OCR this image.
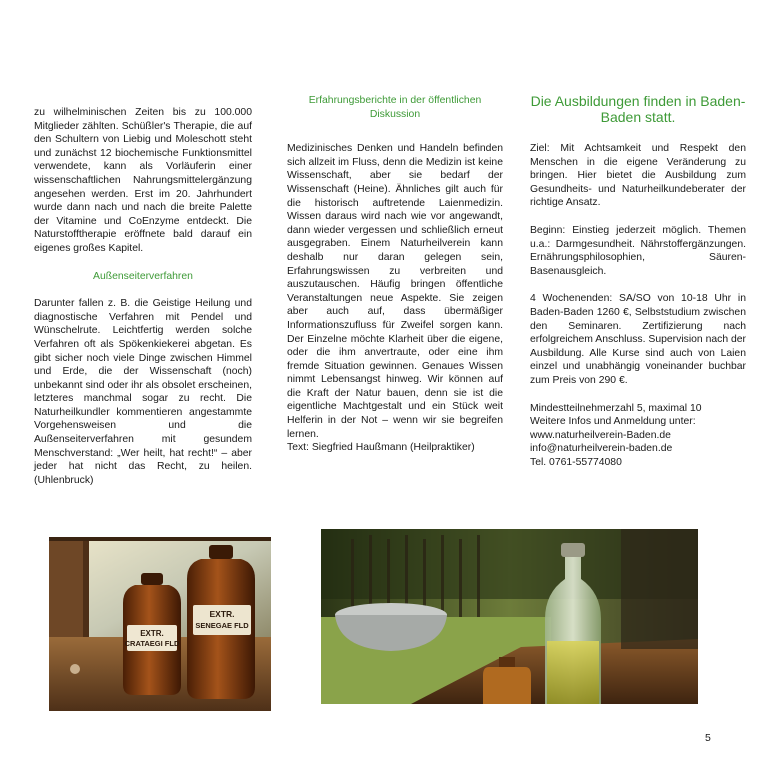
zu wilhelminischen Zeiten bis zu 100.000 Mitglieder zählten. Schüßler's Therapie, die auf den Schultern von Liebig und Moleschott steht und zunächst 12 biochemische Funktionsmittel verwendete, kann als Vorläuferin einer wissenschaftlichen Nahrungsmittelergänzung angesehen werden. Erst im 20. Jahrhundert wurde dann nach und nach die breite Palette der Vitamine und CoEnzyme entdeckt. Die Naturstofftherapie eröffnete bald darauf ein eigenes großes Kapitel.

Außenseiterverfahren

Darunter fallen z. B. die Geistige Heilung und diagnostische Verfahren mit Pendel und Wünschelrute. Leichtfertig werden solche Verfahren oft als Spökenkiekerei abgetan. Es gibt sicher noch viele Dinge zwischen Himmel und Erde, die der Wissenschaft (noch) unbekannt sind oder ihr als obsolet erscheinen, letzteres manchmal sogar zu recht. Die Naturheilkundler kommentieren angestammte Vorgehensweisen und die Außenseiterverfahren mit gesundem Menschverstand: „Wer heilt, hat recht!“ – aber jeder hat nicht das Recht, zu heilen. (Uhlenbruck)

Erfahrungsberichte in der öffentlichen Diskussion

Medizinisches Denken und Handeln befinden sich allzeit im Fluss, denn die Medizin ist keine Wissenschaft, aber sie bedarf der Wissenschaft (Heine). Ähnliches gilt auch für die historisch auftretende Laienmedizin. Wissen daraus wird nach wie vor angewandt, dann wieder vergessen und schließlich erneut ausgegraben. Einem Naturheilverein kann deshalb nur daran gelegen sein, Erfahrungswissen zu verbreiten und auszutauschen. Häufig bringen öffentliche Veranstaltungen neue Aspekte. Sie zeigen aber auch auf, dass übermäßiger Informationszufluss für Zweifel sorgen kann. Der Einzelne möchte Klarheit über die eigene, oder die ihm anvertraute, oder eine ihm fremde Situation gewinnen. Genaues Wissen nimmt Lebensangst hinweg. Wir können auf die Kraft der Natur bauen, denn sie ist die eigentliche Machtgestalt und ein Stück weit Helferin in der Not – wenn wir sie begreifen lernen.

Text: Siegfried Haußmann (Heilpraktiker)

Die Ausbildungen finden in Baden-Baden statt.

Ziel: Mit Achtsamkeit und Respekt den Menschen in die eigene Veränderung zu bringen. Hier bietet die Ausbildung zum Gesundheits- und Naturheilkundeberater der richtige Ansatz.

Beginn: Einstieg jederzeit möglich. Themen u.a.: Darmgesundheit. Nährstoffergänzungen. Ernährungsphilosophien, Säuren-Basenausgleich.

4 Wochenenden: SA/SO von 10-18 Uhr in Baden-Baden 1260 €, Selbststudium zwischen den Seminaren. Zertifizierung nach erfolgreichem Anschluss. Supervision nach der Ausbildung. Alle Kurse sind auch von Laien einzel und unabhängig voneinander buchbar zum Preis von 290 €.

Mindestteilnehmerzahl 5, maximal 10
Weitere Infos und Anmeldung unter:
www.naturheilverein-Baden.de
info@naturheilverein-baden.de
Tel. 0761-55774080
EXTR.
CRATAEGI FLD
EXTR.
SENEGAE FLD
5
